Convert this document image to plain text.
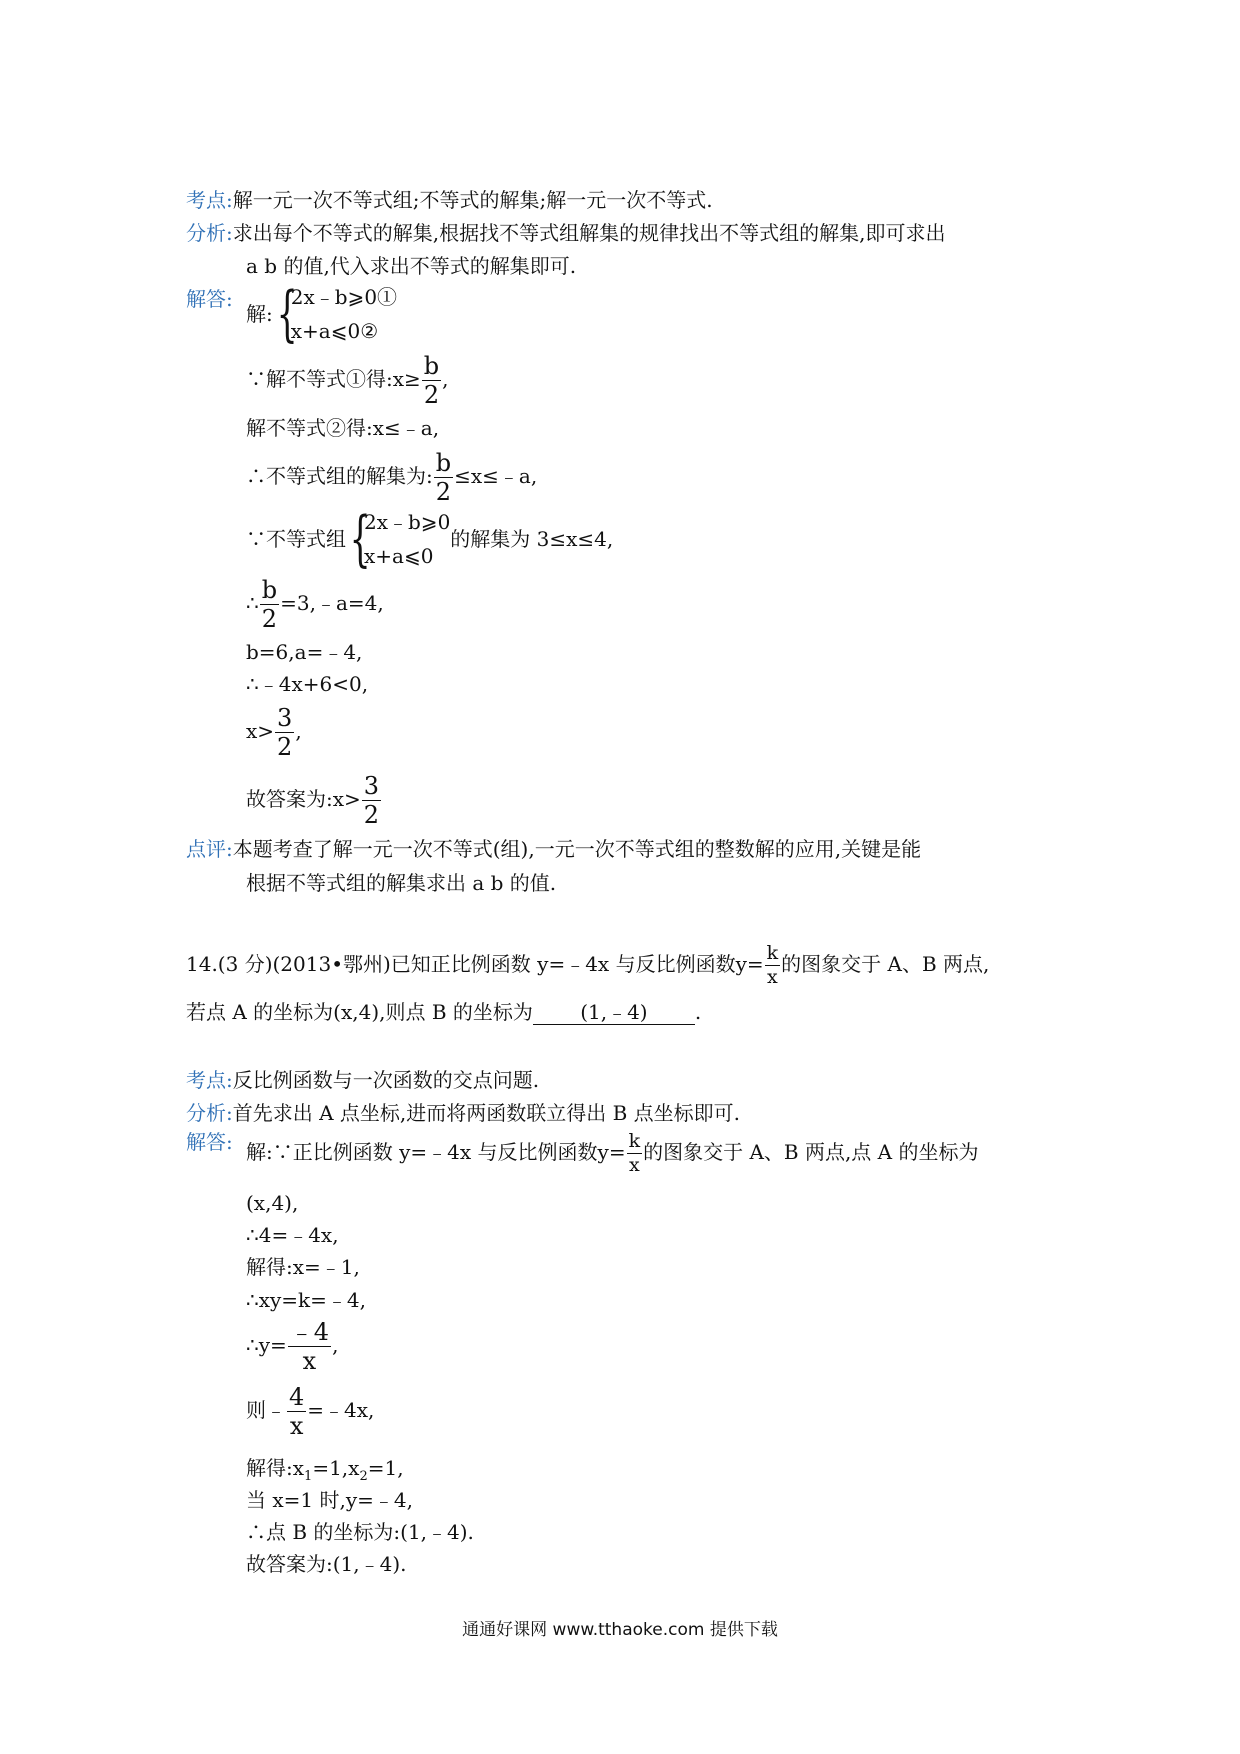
考点:解一元一次不等式组;不等式的解集;解一元一次不等式.
分析:求出每个不等式的解集,根据找不等式组解集的规律找出不等式组的解集,即可求出
a b 的值,代入求出不等式的解集即可.
解答:
解: {
2x﹣b⩾0①
x+a⩽0②
∵解不等式①得:x≥ $\frac{b}{2}$ ,
解不等式②得:x≤﹣a,
∴不等式组的解集为: $\frac{b}{2}$ ≤x≤﹣a,
∵不等式组 {
2x﹣b⩾0
x+a⩽0
的解集为 3≤x≤4,
∴ $\frac{b}{2}$ =3,﹣a=4,
b=6,a=﹣4,
∴﹣4x+6<0,
$x> \frac{3}{2}$ ,
故答案为:x> $\frac{3}{2}$
点评:本题考查了解一元一次不等式(组),一元一次不等式组的整数解的应用,关键是能
根据不等式组的解集求出 a b 的值.
14.(3 分)(2013•鄂州)已知正比例函数 y=﹣4x 与反比例函数$y= \frac{k}{x}$ 的图象交于 A、B 两点,
若点 A 的坐标为(x,4),则点 B 的坐标为 (1,﹣4) .
考点:反比例函数与一次函数的交点问题.
分析:首先求出 A 点坐标,进而将两函数联立得出 B 点坐标即可.
解答: 解:∵正比例函数 y=﹣4x 与反比例函数$y= \frac{k}{x}$ 的图象交于 A、B 两点,点 A 的坐标为
(x,4),
∴4=﹣4x,
解得:x=﹣1,
∴xy=k=﹣4,
∴y= $\frac{﹣4}{x}$ ,
则﹣ $\frac{4}{x}$ =﹣4x,
解得$:x_1=1,x_2=1$,
当 x=1 时,y=﹣4,
∴点 B 的坐标为:(1,﹣4).
故答案为:(1,﹣4).
通通好课网 www.tthaoke.com 提供下载
